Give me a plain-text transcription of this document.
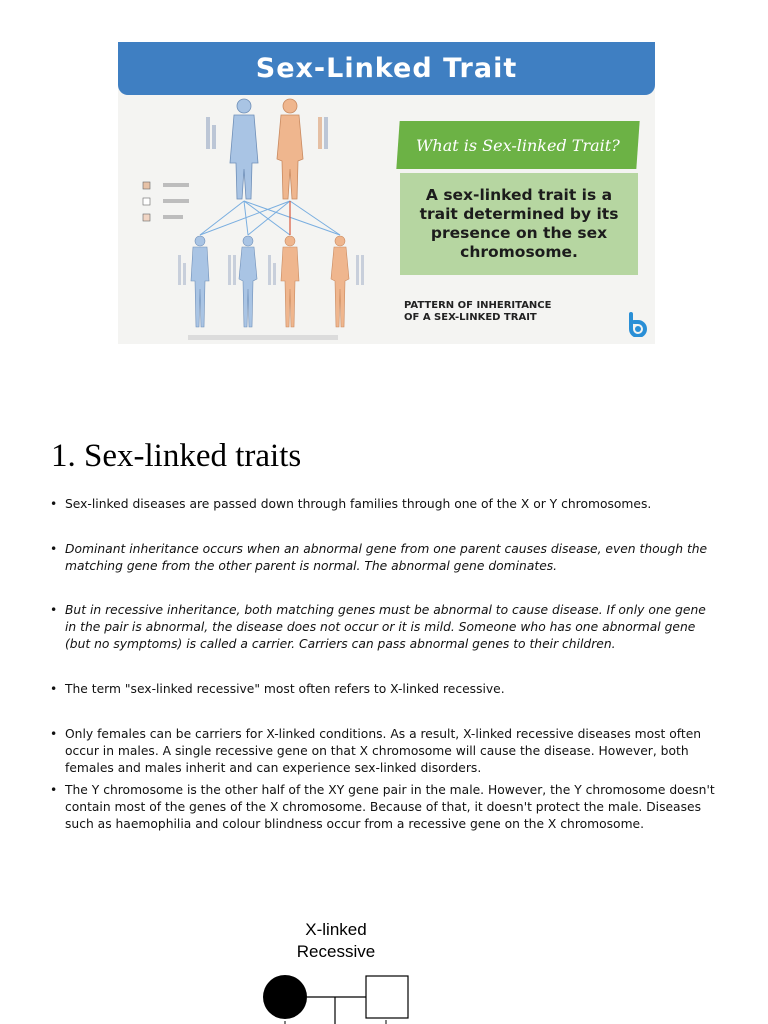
Sex-Linked Trait
What is Sex-linked Trait?

A sex-linked trait is a trait determined by its presence on the sex chromosome.

PATTERN OF INHERITANCE
OF A SEX-LINKED TRAIT
1. Sex-linked traits
• Sex-linked diseases are passed down through families through one of the X or Y chromosomes.
• Dominant inheritance occurs when an abnormal gene from one parent causes disease, even though the matching gene from the other parent is normal. The abnormal gene dominates.
• But in recessive inheritance, both matching genes must be abnormal to cause disease. If only one gene in the pair is abnormal, the disease does not occur or it is mild. Someone who has one abnormal gene (but no symptoms) is called a carrier. Carriers can pass abnormal genes to their children.
• The term "sex-linked recessive" most often refers to X-linked recessive.
• Only females can be carriers for X-linked conditions. As a result, X-linked recessive diseases most often occur in males. A single recessive gene on that X chromosome will cause the disease. However, both females and males inherit and can experience sex-linked disorders.
• The Y chromosome is the other half of the XY gene pair in the male. However, the Y chromosome doesn't contain most of the genes of the X chromosome. Because of that, it doesn't protect the male. Diseases such as haemophilia and colour blindness occur from a recessive gene on the X chromosome.
X-linked
Recessive
